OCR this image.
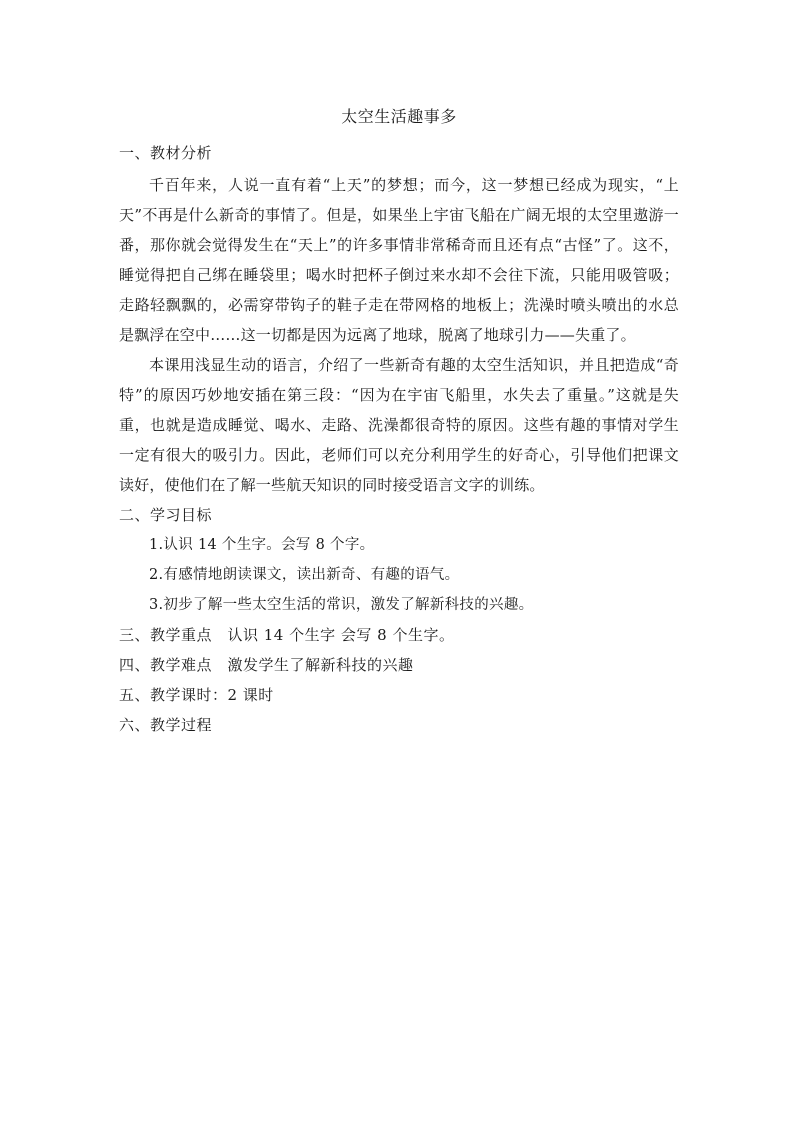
太空生活趣事多
一、教材分析

千百年来，人说一直有着“上天”的梦想；而今，这一梦想已经成为现实，“上天”不再是什么新奇的事情了。但是，如果坐上宇宙飞船在广阔无垠的太空里遨游一番，那你就会觉得发生在“天上”的许多事情非常稀奇而且还有点“古怪”了。这不，睡觉得把自己绑在睡袋里；喝水时把杯子倒过来水却不会往下流，只能用吸管吸；走路轻飘飘的，必需穿带钩子的鞋子走在带网格的地板上；洗澡时喷头喷出的水总是飘浮在空中……这一切都是因为远离了地球，脱离了地球引力——失重了。

本课用浅显生动的语言，介绍了一些新奇有趣的太空生活知识，并且把造成“奇特”的原因巧妙地安插在第三段：“因为在宇宙飞船里，水失去了重量。”这就是失重，也就是造成睡觉、喝水、走路、洗澡都很奇特的原因。这些有趣的事情对学生一定有很大的吸引力。因此，老师们可以充分利用学生的好奇心，引导他们把课文读好，使他们在了解一些航天知识的同时接受语言文字的训练。

二、学习目标

1.认识 14 个生字。会写 8 个字。

2.有感情地朗读课文，读出新奇、有趣的语气。

3.初步了解一些太空生活的常识，激发了解新科技的兴趣。

三、教学重点　认识 14 个生字 会写 8 个生字。
四、教学难点　激发学生了解新科技的兴趣
五、教学课时：2 课时
六、教学过程
